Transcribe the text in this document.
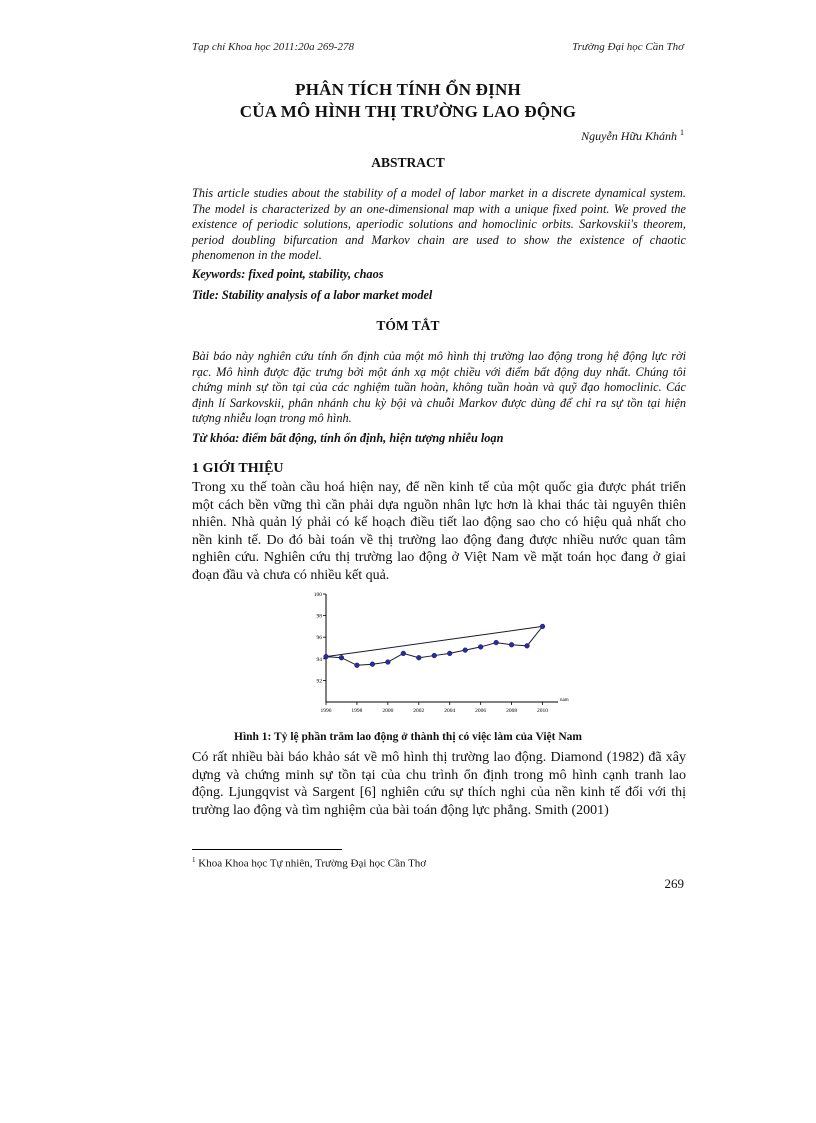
Tạp chí Khoa học 2011:20a 269-278	Trường Đại học Cần Thơ
PHÂN TÍCH TÍNH ỔN ĐỊNH
CỦA MÔ HÌNH THỊ TRƯỜNG LAO ĐỘNG
Nguyễn Hữu Khánh $^1$
ABSTRACT
This article studies about the stability of a model of labor market in a discrete dynamical system. The model is characterized by an one-dimensional map with a unique fixed point. We proved the existence of periodic solutions, aperiodic solutions and homoclinic orbits. Sarkovskii's theorem, period doubling bifurcation and Markov chain are used to show the existence of chaotic phenomenon in the model.
Keywords: fixed point, stability, chaos
Title: Stability analysis of a labor market model
TÓM TẮT
Bài báo này nghiên cứu tính ổn định của một mô hình thị trường lao động trong hệ động lực rời rạc. Mô hình được đặc trưng bởi một ánh xạ một chiều với điểm bất động duy nhất. Chúng tôi chứng minh sự tồn tại của các nghiệm tuần hoàn, không tuần hoàn và quỹ đạo homoclinic. Các định lí Sarkovskii, phân nhánh chu kỳ bội và chuỗi Markov được dùng để chỉ ra sự tồn tại hiện tượng nhiễu loạn trong mô hình.
Từ khóa: điểm bất động, tính ổn định, hiện tượng nhiễu loạn
1 GIỚI THIỆU
Trong xu thế toàn cầu hoá hiện nay, để nền kinh tế của một quốc gia được phát triển một cách bền vững thì cần phải dựa nguồn nhân lực hơn là khai thác tài nguyên thiên nhiên. Nhà quản lý phải có kế hoạch điều tiết lao động sao cho có hiệu quả nhất cho nền kinh tế. Do đó bài toán về thị trường lao động đang được nhiều nước quan tâm nghiên cứu. Nghiên cứu thị trường lao động ở Việt Nam về mặt toán học đang ở giai đoạn đầu và chưa có nhiều kết quả.
92
94
96
98
100
1996	1998	2000	2002	2004	2006	2008	2010
nam
Hình 1: Tỷ lệ phần trăm lao động ở thành thị có việc làm của Việt Nam
Có rất nhiều bài báo khảo sát về mô hình thị trường lao động. Diamond (1982) đã xây dựng và chứng minh sự tồn tại của chu trình ổn định trong mô hình cạnh tranh lao động. Ljungqvist và Sargent [6] nghiên cứu sự thích nghi của nền kinh tế đối với thị trường lao động và tìm nghiệm của bài toán động lực phẳng. Smith (2001)
$^1$ Khoa Khoa học Tự nhiên, Trường Đại học Cần Thơ
269
